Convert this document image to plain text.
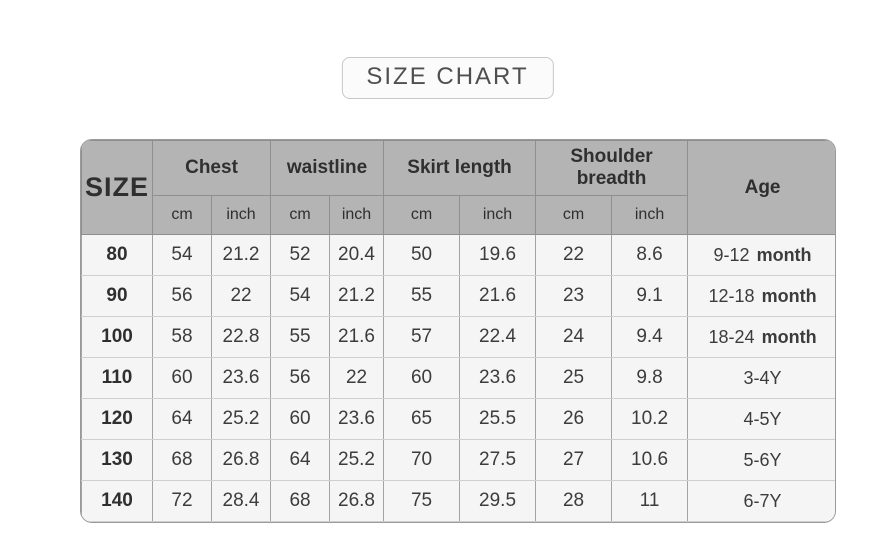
SIZE CHART
SIZE	Chest		waistline		Skirt length		Shoulder breadth		Age
	cm	inch	cm	inch	cm	inch	cm	inch	
80	54	21.2	52	20.4	50	19.6	22	8.6	9-12 month
90	56	22	54	21.2	55	21.6	23	9.1	12-18 month
100	58	22.8	55	21.6	57	22.4	24	9.4	18-24 month
110	60	23.6	56	22	60	23.6	25	9.8	3-4Y
120	64	25.2	60	23.6	65	25.5	26	10.2	4-5Y
130	68	26.8	64	25.2	70	27.5	27	10.6	5-6Y
140	72	28.4	68	26.8	75	29.5	28	11	6-7Y
